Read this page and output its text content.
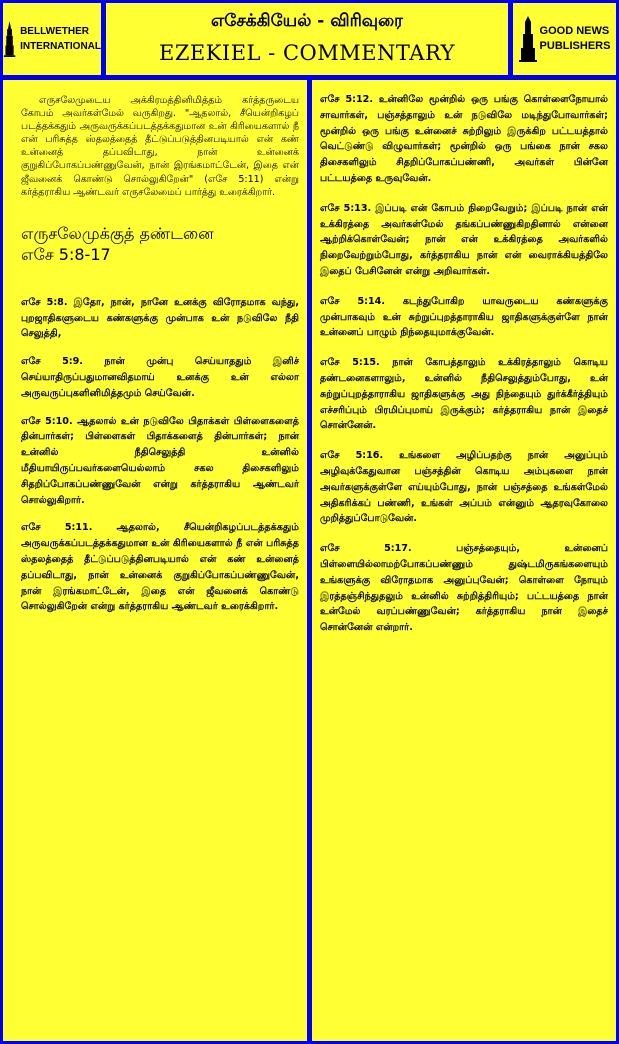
BELLWETHER
INTERNATIONAL
எசேக்கியேல் - விரிவுரை
EZEKIEL - COMMENTARY
GOOD NEWS
PUBLISHERS

எருசலேமுடைய அக்கிரமத்தினிமித்தம் கர்த்தருடைய கோபம் அவர்கள்மேல் வருகிறது. "ஆதலால், சீயென்றிகழப் படத்தக்கதும் அருவருக்கப்படத்தக்கதுமான உன் கிரியைகளால் நீ என் பரிசுத்த ஸ்தலத்தைத் தீட்டுப்படுத்தினபடியால் என் கண் உன்னைத் தப்பவிடாது, நான் உன்னைக் குறுகிப்போகப்பண்ணுவேன், நான் இரங்கமாட்டேன், இதை என் ஜீவனைக் கொண்டு சொல்லுகிறேன்" (எசே 5:11) என்று கர்த்தராகிய ஆண்டவர் எருசலேமைப் பார்த்து உரைக்கிறார்.

எருசலேமுக்குத் தண்டனை
எசே 5:8-17

எசே 5:8. இதோ, நான், நானே உனக்கு விரோதமாக வந்து, புறஜாதிகளுடைய கண்களுக்கு முன்பாக உன் நடுவிலே நீதி செலுத்தி,

எசே 5:9. நான் முன்பு செய்யாததும் இனிச் செய்யாதிருப்பதுமானவிதமாய் உனக்கு உன் எல்லா அருவருப்புகளினிமித்தமும் செய்வேன்.

எசே 5:10. ஆதலால் உன் நடுவிலே பிதாக்கள் பிள்ளைகளைத் தின்பார்கள்; பிள்ளைகள் பிதாக்களைத் தின்பார்கள்; நான் உன்னில் நீதிசெலுத்தி உன்னில் மீதியாயிருப்பவர்களையெல்லாம் சகல திசைகளிலும் சிதறிப்போகப்பண்ணுவேன் என்று கர்த்தராகிய ஆண்டவர் சொல்லுகிறார்.

எசே 5:11. ஆதலால், சீயென்றிகழப்படத்தக்கதும் அருவருக்கப்படத்தக்கதுமான உன் கிரியைகளால் நீ என் பரிசுத்த ஸ்தலத்தைத் தீட்டுப்படுத்தினபடியால் என் கண் உன்னைத் தப்பவிடாது, நான் உன்னைக் குறுகிப்போகப்பண்ணுவேன், நான் இரங்கமாட்டேன், இதை என் ஜீவனைக் கொண்டு சொல்லுகிறேன் என்று கர்த்தராகிய ஆண்டவர் உரைக்கிறார்.

எசே 5:12. உன்னிலே மூன்றில் ஒரு பங்கு கொள்ளைநோயால் சாவார்கள், பஞ்சத்தாலும் உன் நடுவிலே மடிந்துபோவார்கள்; மூன்றில் ஒரு பங்கு உன்னைச் சுற்றிலும் இருக்கிற பட்டயத்தால் வெட்டுண்டு விழுவார்கள்; மூன்றில் ஒரு பங்கை நான் சகல திசைகளிலும் சிதறிப்போகப்பண்ணி, அவர்கள் பின்னே பட்டயத்தை உருவுவேன்.

எசே 5:13. இப்படி என் கோபம் நிறைவேறும்; இப்படி நான் என் உக்கிரத்தை அவர்கள்மேல் தங்கப்பண்ணுகிறதினால் என்னை ஆற்றிக்கொள்வேன்; நான் என் உக்கிரத்தை அவர்களில் நிறைவேற்றும்போது, கர்த்தராகிய நான் என் வைராக்கியத்திலே இதைப் பேசினேன் என்று அறிவார்கள்.

எசே 5:14. கடந்துபோகிற யாவருடைய கண்களுக்கு முன்பாகவும் உன் சுற்றுப்புறத்தாராகிய ஜாதிகளுக்குள்ளே நான் உன்னைப் பாழும் நிந்தையுமாக்குவேன்.

எசே 5:15. நான் கோபத்தாலும் உக்கிரத்தாலும் கொடிய தண்டனைகளாலும், உன்னில் நீதிசெலுத்தும்போது, உன் சுற்றுப்புறத்தாராகிய ஜாதிகளுக்கு அது நிந்தையும் துர்க்கீர்த்தியும் எச்சரிப்பும் பிரமிப்புமாய் இருக்கும்; கர்த்தராகிய நான் இதைச் சொன்னேன்.

எசே 5:16. உங்களை அழிப்பதற்கு நான் அனுப்பும் அழிவுக்கேதுவான பஞ்சத்தின் கொடிய அம்புகளை நான் அவர்களுக்குள்ளே எய்யும்போது, நான் பஞ்சத்தை உங்கள்மேல் அதிகரிக்கப் பண்ணி, உங்கள் அப்பம் என்னும் ஆதரவுகோலை முறித்துப்போடுவேன்.

எசே 5:17. பஞ்சத்தையும், உன்னைப் பிள்ளையில்லாமற்போகப்பண்ணும் துஷ்டமிருகங்களையும் உங்களுக்கு விரோதமாக அனுப்புவேன்; கொள்ளை நோயும் இரத்தஞ்சிந்துதலும் உன்னில் சுற்றித்திரியும்; பட்டயத்தை நான் உன்மேல் வரப்பண்ணுவேன்; கர்த்தராகிய நான் இதைச் சொன்னேன் என்றார்.
